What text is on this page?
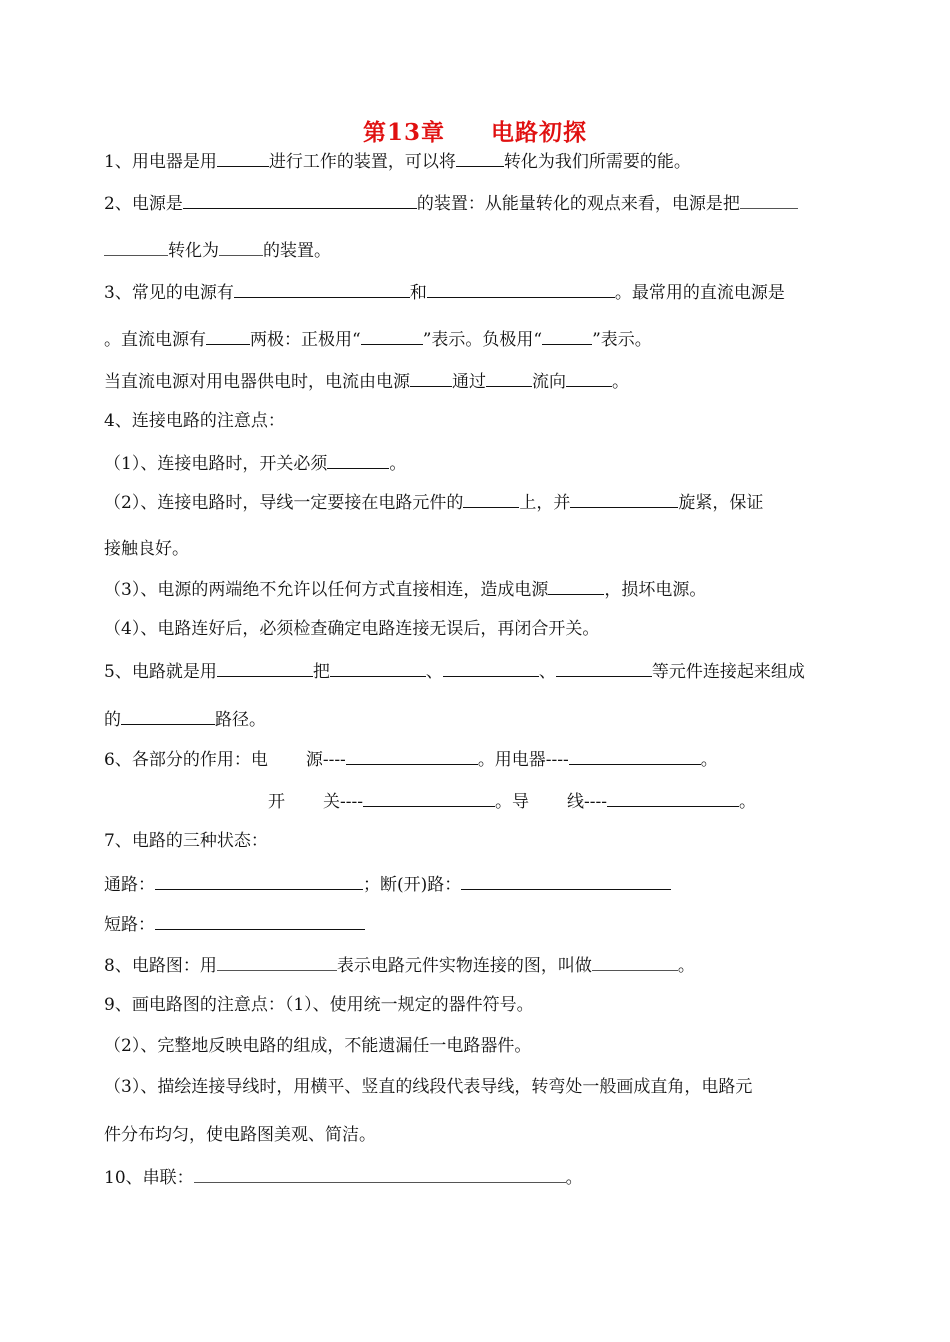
第13章 电路初探
1、用电器是用	进行工作的装置，可以将	转化为我们所需要的能。
2、电源是	的装置：从能量转化的观点来看，电源是把
转化为	的装置。
3、常见的电源有	和	。最常用的直流电源是
。直流电源有	两极：正极用“	”表示。负极用“	”表示。
当直流电源对用电器供电时，电流由电源 通过	流向	。
4、连接电路的注意点：
（1）、连接电路时，开关必须	。
（2）、连接电路时，导线一定要接在电路元件的	上，并	旋紧，保证
接触良好。
（3）、电源的两端绝不允许以任何方式直接相连，造成电源	，损坏电源。
（4）、电路连好后，必须检查确定电路连接无误后，再闭合开关。
5、电路就是用	把	、	、	等元件连接起来组成
的	路径。
6、各部分的作用：电 源----	。用电器----	。
开 关----	。导 线----	。
7、电路的三种状态：
通路：	；断(开)路：
短路：
8、电路图：用	表示电路元件实物连接的图，叫做	。
9、画电路图的注意点：（1）、使用统一规定的器件符号。
（2）、完整地反映电路的组成，不能遗漏任一电路器件。
（3）、描绘连接导线时，用横平、竖直的线段代表导线，转弯处一般画成直角，电路元
件分布均匀，使电路图美观、简洁。
10、串联：	。
